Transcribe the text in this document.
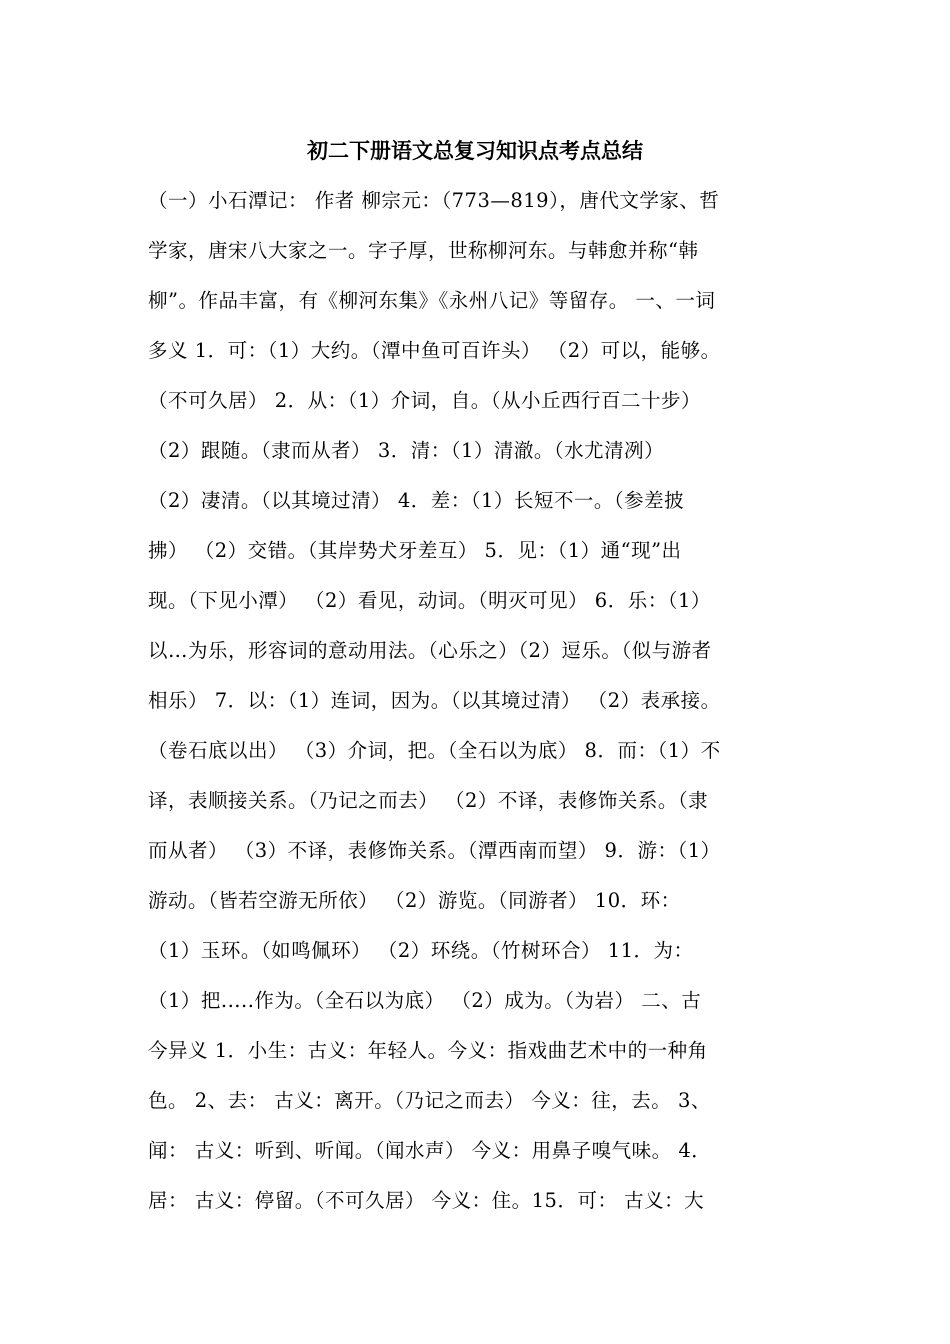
初二下册语文总复习知识点考点总结
（一）小石潭记： 作者 柳宗元：（773—819），唐代文学家、哲
学家，唐宋八大家之一。字子厚，世称柳河东。与韩愈并称“韩
柳”。作品丰富，有《柳河东集》《永州八记》等留存。 一、一词
多义 1．可：（1）大约。（潭中鱼可百许头） （2）可以，能够。
（不可久居） 2．从：（1）介词，自。（从小丘西行百二十步）
（2）跟随。（隶而从者） 3．清：（1）清澈。（水尤清冽）
（2）凄清。（以其境过清） 4．差：（1）长短不一。（参差披
拂） （2）交错。（其岸势犬牙差互） 5．见：（1）通“现”出
现。（下见小潭） （2）看见，动词。（明灭可见） 6．乐：（1）
以…为乐，形容词的意动用法。（心乐之）（2）逗乐。（似与游者
相乐） 7．以：（1）连词，因为。（以其境过清） （2）表承接。
（卷石底以出） （3）介词，把。（全石以为底） 8．而：（1）不
译，表顺接关系。（乃记之而去） （2）不译，表修饰关系。（隶
而从者） （3）不译，表修饰关系。（潭西南而望） 9．游：（1）
游动。（皆若空游无所依） （2）游览。（同游者） 10．环：
（1）玉环。（如鸣佩环） （2）环绕。（竹树环合） 11．为：
（1）把.....作为。（全石以为底） （2）成为。（为岩） 二、古
今异义 1．小生：古义：年轻人。今义：指戏曲艺术中的一种角
色。 2、去： 古义：离开。（乃记之而去） 今义：往，去。 3、
闻： 古义：听到、听闻。（闻水声） 今义：用鼻子嗅气味。 4．
居： 古义：停留。（不可久居） 今义：住。15．可： 古义：大
